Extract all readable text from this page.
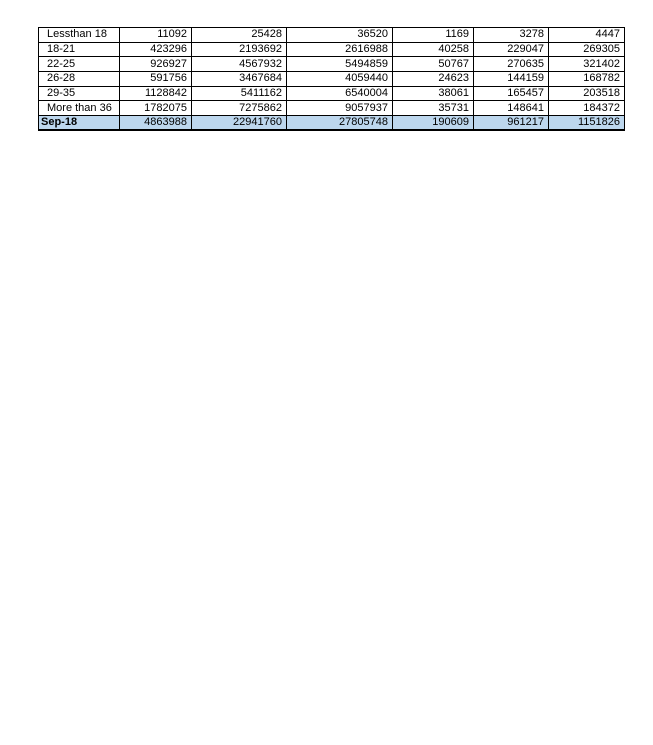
Lessthan 18	11092	25428	36520	1169	3278	4447
18-21	423296	2193692	2616988	40258	229047	269305
22-25	926927	4567932	5494859	50767	270635	321402
26-28	591756	3467684	4059440	24623	144159	168782
29-35	1128842	5411162	6540004	38061	165457	203518
More than 36	1782075	7275862	9057937	35731	148641	184372
Sep-18	4863988	22941760	27805748	190609	961217	1151826
